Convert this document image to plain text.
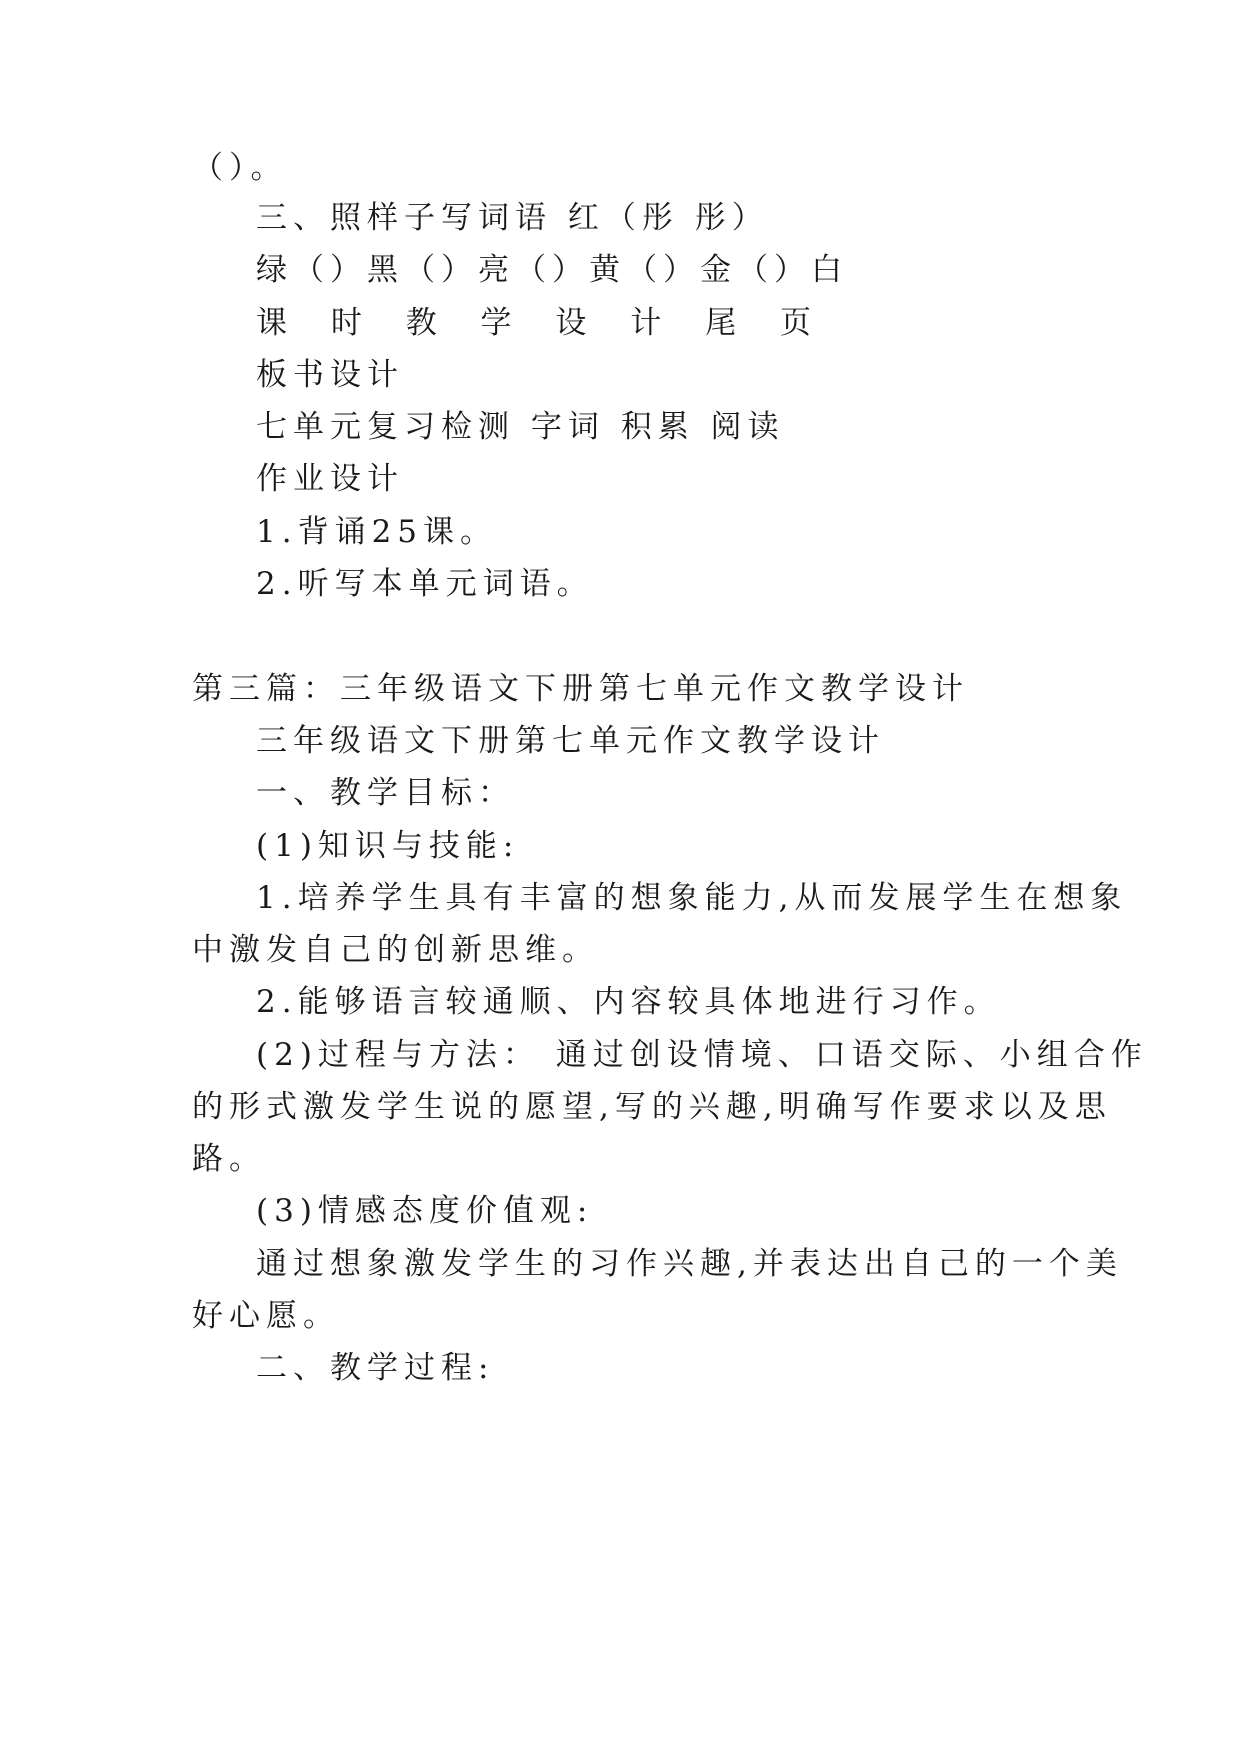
（）。
三、照样子写词语 红（彤 彤）
绿（）黑（）亮（）黄（）金（）白
课 时 教 学 设 计 尾 页
板书设计
七单元复习检测 字词 积累 阅读
作业设计
1.背诵25课。
2.听写本单元词语。
第三篇：三年级语文下册第七单元作文教学设计
三年级语文下册第七单元作文教学设计
一、教学目标：
(1)知识与技能:
1.培养学生具有丰富的想象能力,从而发展学生在想象
中激发自己的创新思维。
2.能够语言较通顺、内容较具体地进行习作。
(2)过程与方法： 通过创设情境、口语交际、小组合作
的形式激发学生说的愿望,写的兴趣,明确写作要求以及思
路。
(3)情感态度价值观:
通过想象激发学生的习作兴趣,并表达出自己的一个美
好心愿。
二、教学过程:
